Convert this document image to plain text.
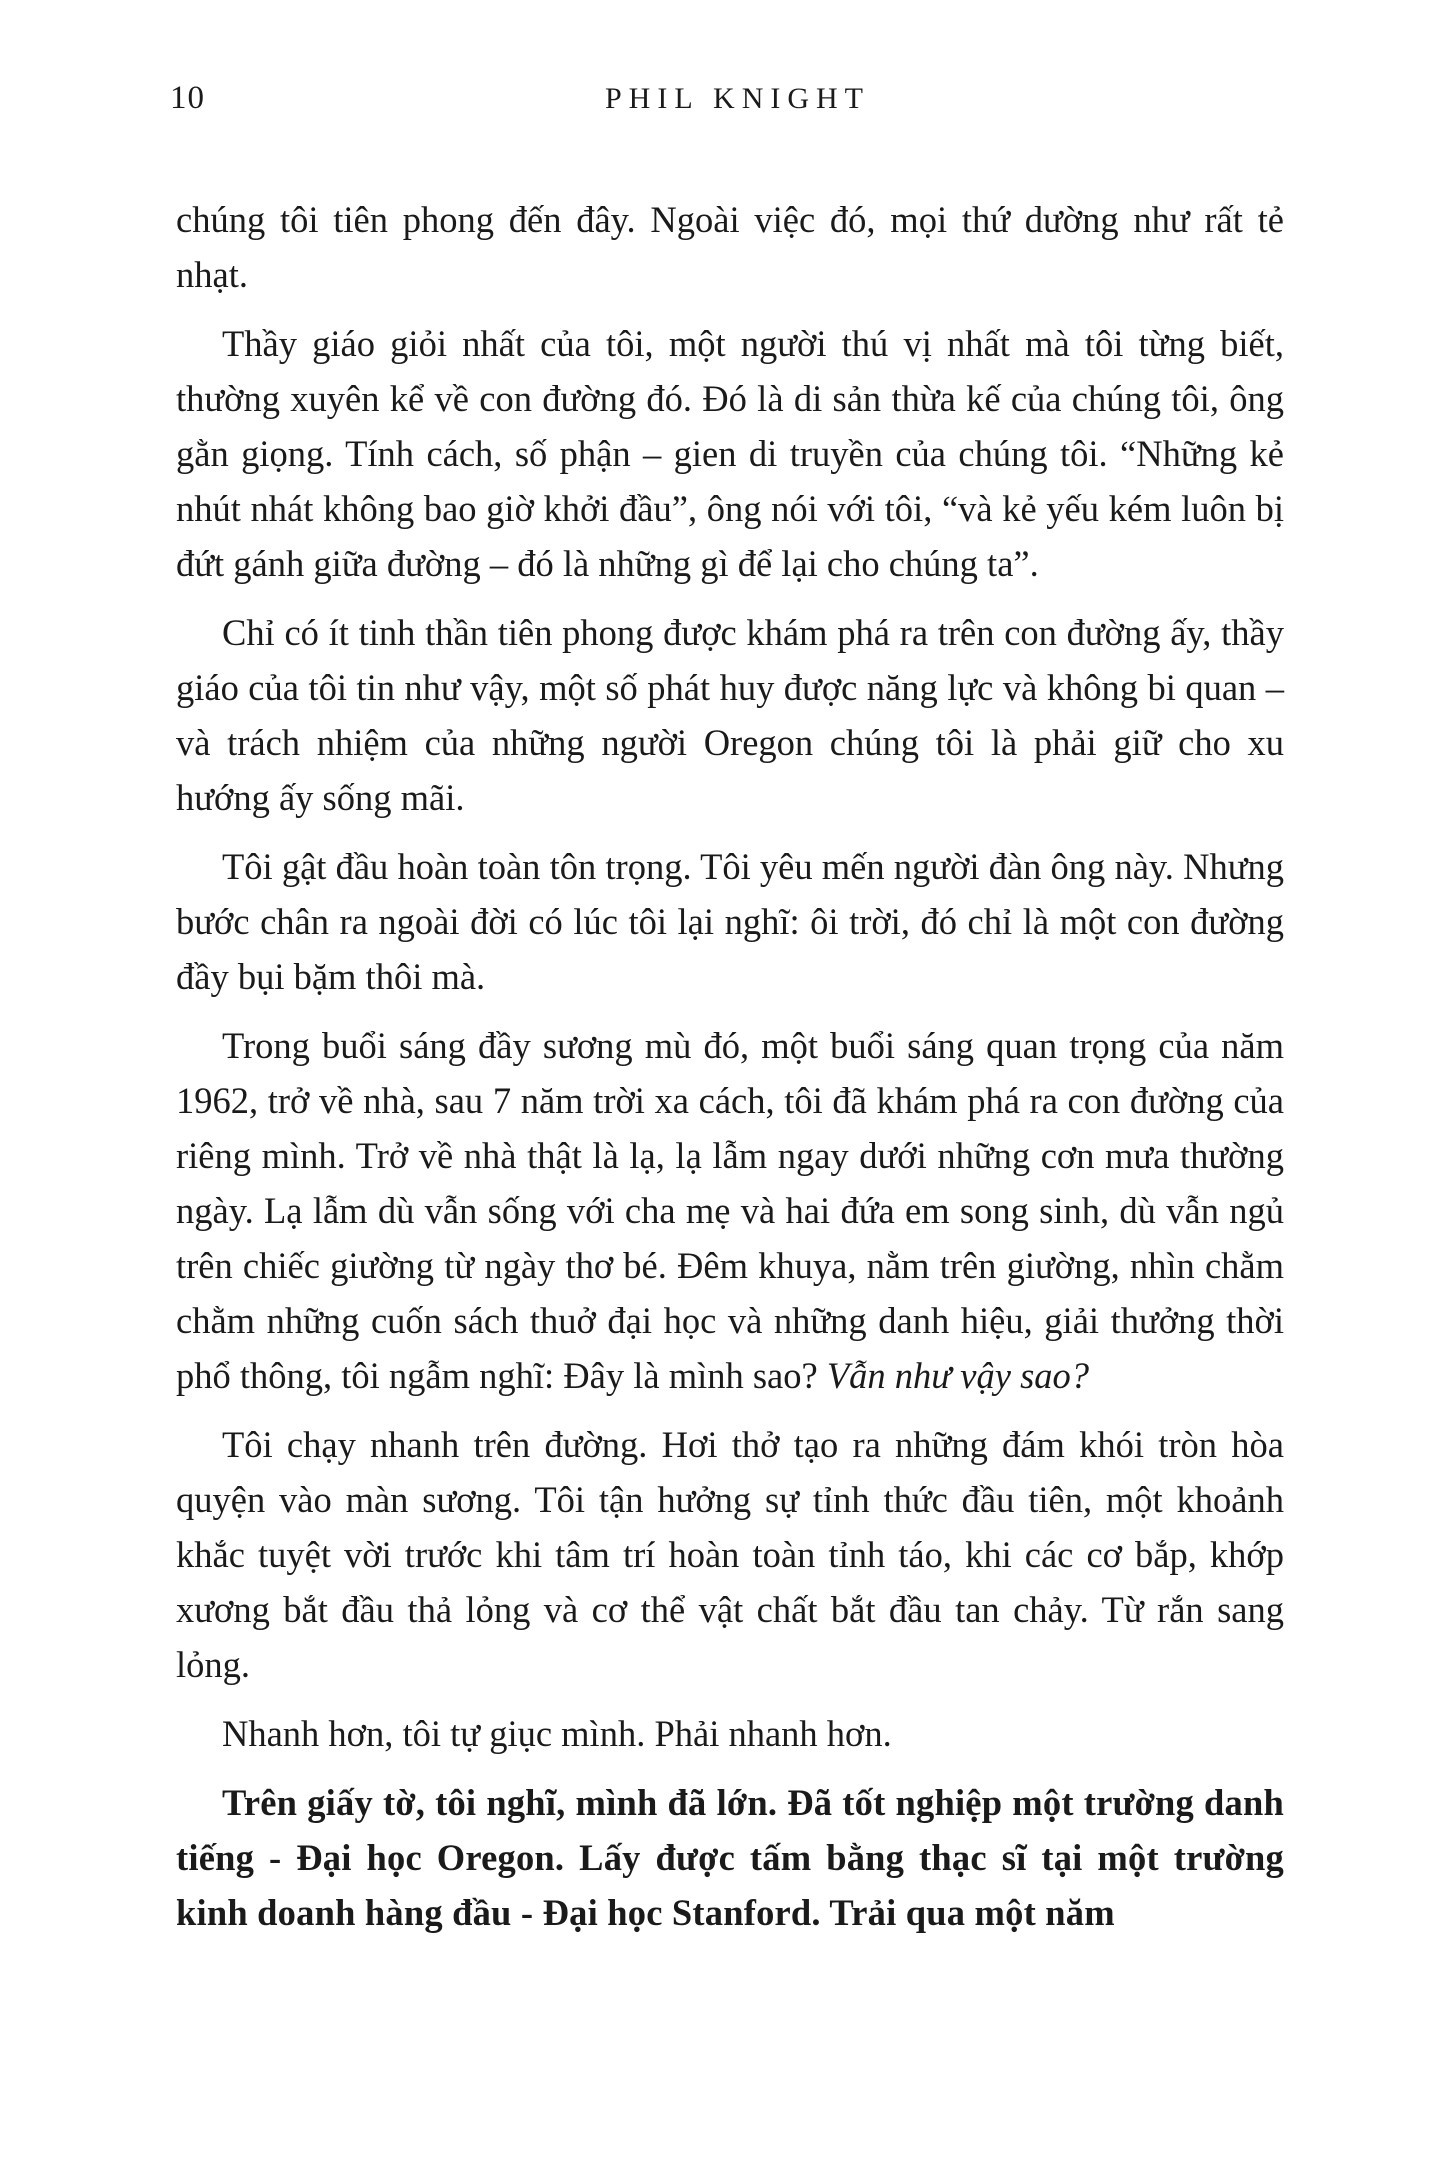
10	PHIL KNIGHT

chúng tôi tiên phong đến đây. Ngoài việc đó, mọi thứ dường như rất tẻ nhạt.

Thầy giáo giỏi nhất của tôi, một người thú vị nhất mà tôi từng biết, thường xuyên kể về con đường đó. Đó là di sản thừa kế của chúng tôi, ông gằn giọng. Tính cách, số phận – gien di truyền của chúng tôi. “Những kẻ nhút nhát không bao giờ khởi đầu”, ông nói với tôi, “và kẻ yếu kém luôn bị đứt gánh giữa đường – đó là những gì để lại cho chúng ta”.

Chỉ có ít tinh thần tiên phong được khám phá ra trên con đường ấy, thầy giáo của tôi tin như vậy, một số phát huy được năng lực và không bi quan – và trách nhiệm của những người Oregon chúng tôi là phải giữ cho xu hướng ấy sống mãi.

Tôi gật đầu hoàn toàn tôn trọng. Tôi yêu mến người đàn ông này. Nhưng bước chân ra ngoài đời có lúc tôi lại nghĩ: ôi trời, đó chỉ là một con đường đầy bụi bặm thôi mà.

Trong buổi sáng đầy sương mù đó, một buổi sáng quan trọng của năm 1962, trở về nhà, sau 7 năm trời xa cách, tôi đã khám phá ra con đường của riêng mình. Trở về nhà thật là lạ, lạ lẫm ngay dưới những cơn mưa thường ngày. Lạ lẫm dù vẫn sống với cha mẹ và hai đứa em song sinh, dù vẫn ngủ trên chiếc giường từ ngày thơ bé. Đêm khuya, nằm trên giường, nhìn chằm chằm những cuốn sách thuở đại học và những danh hiệu, giải thưởng thời phổ thông, tôi ngẫm nghĩ: Đây là mình sao? Vẫn như vậy sao?

Tôi chạy nhanh trên đường. Hơi thở tạo ra những đám khói tròn hòa quyện vào màn sương. Tôi tận hưởng sự tỉnh thức đầu tiên, một khoảnh khắc tuyệt vời trước khi tâm trí hoàn toàn tỉnh táo, khi các cơ bắp, khớp xương bắt đầu thả lỏng và cơ thể vật chất bắt đầu tan chảy. Từ rắn sang lỏng.

Nhanh hơn, tôi tự giục mình. Phải nhanh hơn.

Trên giấy tờ, tôi nghĩ, mình đã lớn. Đã tốt nghiệp một trường danh tiếng - Đại học Oregon. Lấy được tấm bằng thạc sĩ tại một trường kinh doanh hàng đầu - Đại học Stanford. Trải qua một năm
